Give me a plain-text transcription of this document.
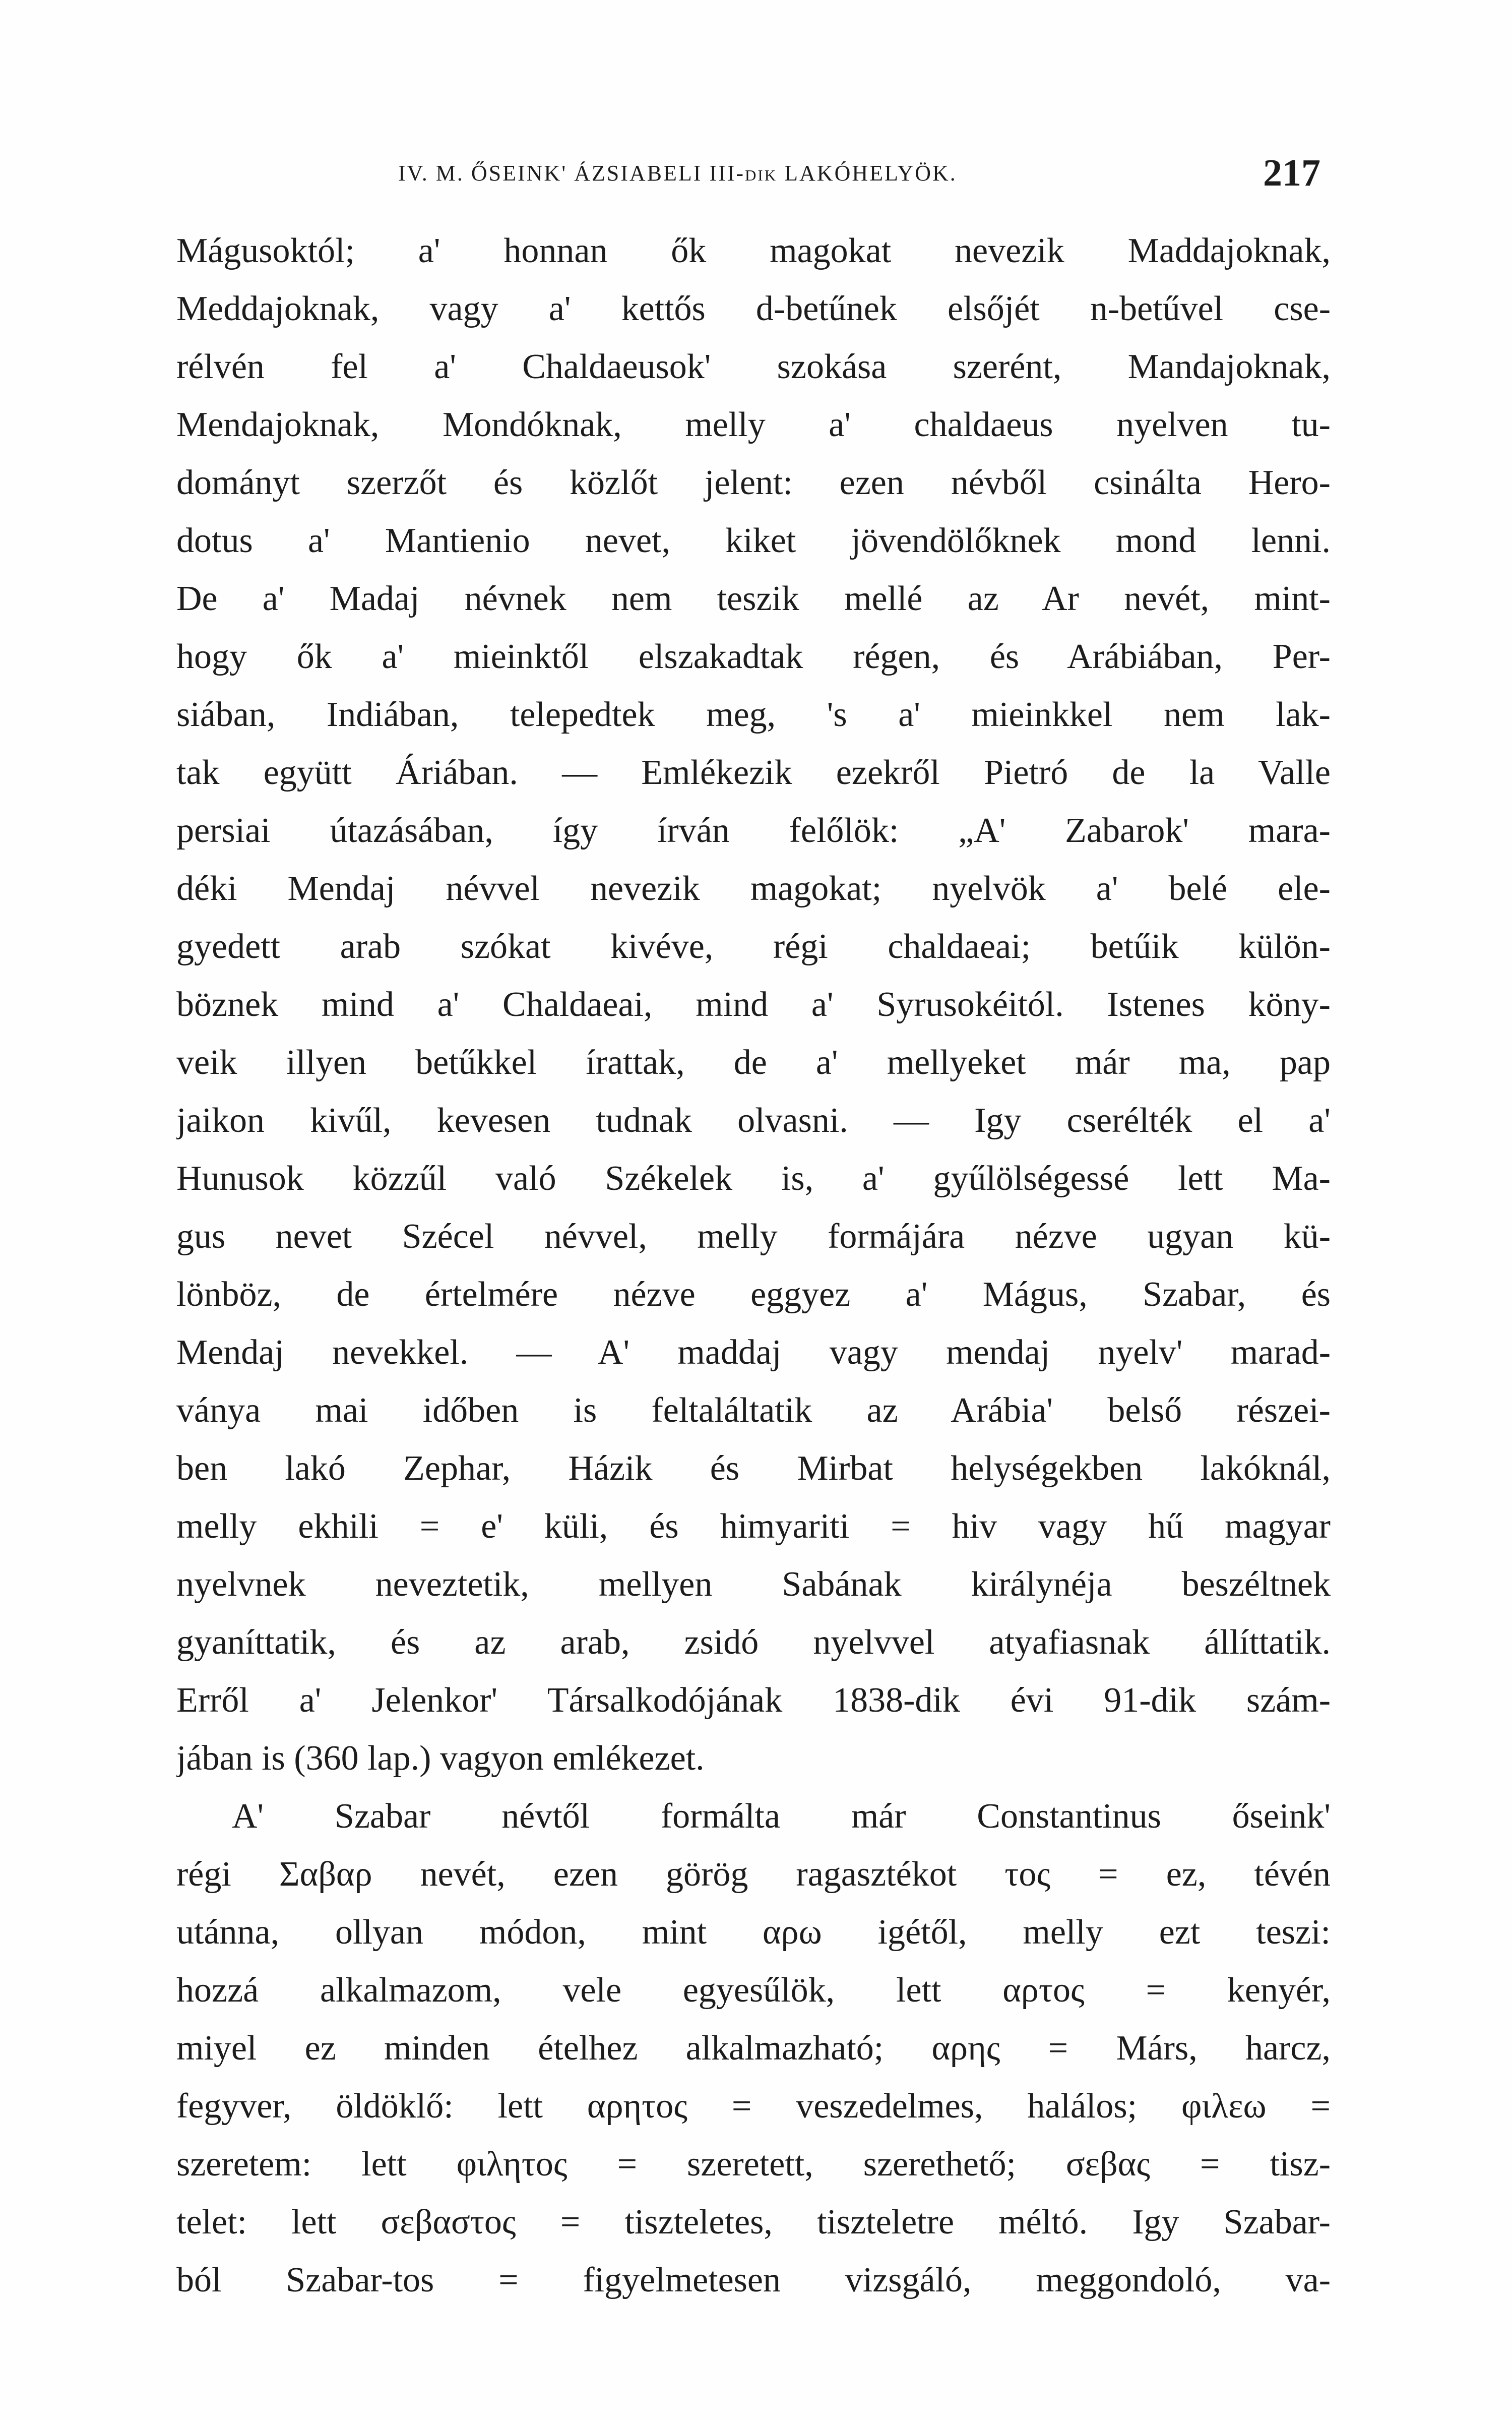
IV. M. ŐSEINK' ÁZSIABELI III-dik LAKÓHELYÖK.	217
Mágusoktól; a' honnan ők magokat nevezik Maddajoknak,
Meddajoknak, vagy a' kettős d-betűnek elsőjét n-betűvel cse-
rélvén fel a' Chaldaeusok' szokása szerént, Mandajoknak,
Mendajoknak, Mondóknak, melly a' chaldaeus nyelven tu-
dományt szerzőt és közlőt jelent: ezen névből csinálta Hero-
dotus a' Mantienio nevet, kiket jövendölőknek mond lenni.
De a' Madaj névnek nem teszik mellé az Ar nevét, mint-
hogy ők a' mieinktől elszakadtak régen, és Arábiában, Per-
siában, Indiában, telepedtek meg, 's a' mieinkkel nem lak-
tak együtt Áriában. — Emlékezik ezekről Pietró de la Valle
persiai útazásában, így írván felőlök: „A' Zabarok' mara-
déki Mendaj névvel nevezik magokat; nyelvök a' belé ele-
gyedett arab szókat kivéve, régi chaldaeai; betűik külön-
böznek mind a' Chaldaeai, mind a' Syrusokéitól. Istenes köny-
veik illyen betűkkel írattak, de a' mellyeket már ma, pap
jaikon kivűl, kevesen tudnak olvasni. — Igy cserélték el a'
Hunusok közzűl való Székelek is, a' gyűlölségessé lett Ma-
gus nevet Szécel névvel, melly formájára nézve ugyan kü-
lönböz, de értelmére nézve eggyez a' Mágus, Szabar, és
Mendaj nevekkel. — A' maddaj vagy mendaj nyelv' marad-
ványa mai időben is feltaláltatik az Arábia' belső részei-
ben lakó Zephar, Házik és Mirbat helységekben lakóknál,
melly ekhili = e' küli, és himyariti = hiv vagy hű magyar
nyelvnek neveztetik, mellyen Sabának királynéja beszéltnek
gyaníttatik, és az arab, zsidó nyelvvel atyafiasnak állíttatik.
Erről a' Jelenkor' Társalkodójának 1838-dik évi 91-dik szám-
jában is (360 lap.) vagyon emlékezet.
A' Szabar névtől formálta már Constantinus őseink'
régi Σαβαρ nevét, ezen görög ragasztékot τος = ez, tévén
utánna, ollyan módon, mint αρω igétől, melly ezt teszi:
hozzá alkalmazom, vele egyesűlök, lett αρτος = kenyér,
miyel ez minden ételhez alkalmazható; αρης = Márs, harcz,
fegyver, öldöklő: lett αρητος = veszedelmes, halálos; φιλεω =
szeretem: lett φιλητος = szeretett, szerethető; σεβας = tisz-
telet: lett σεβαστος = tiszteletes, tiszteletre méltó. Igy Szabar-
ból Szabar-tos = figyelmetesen vizsgáló, meggondoló, va-
